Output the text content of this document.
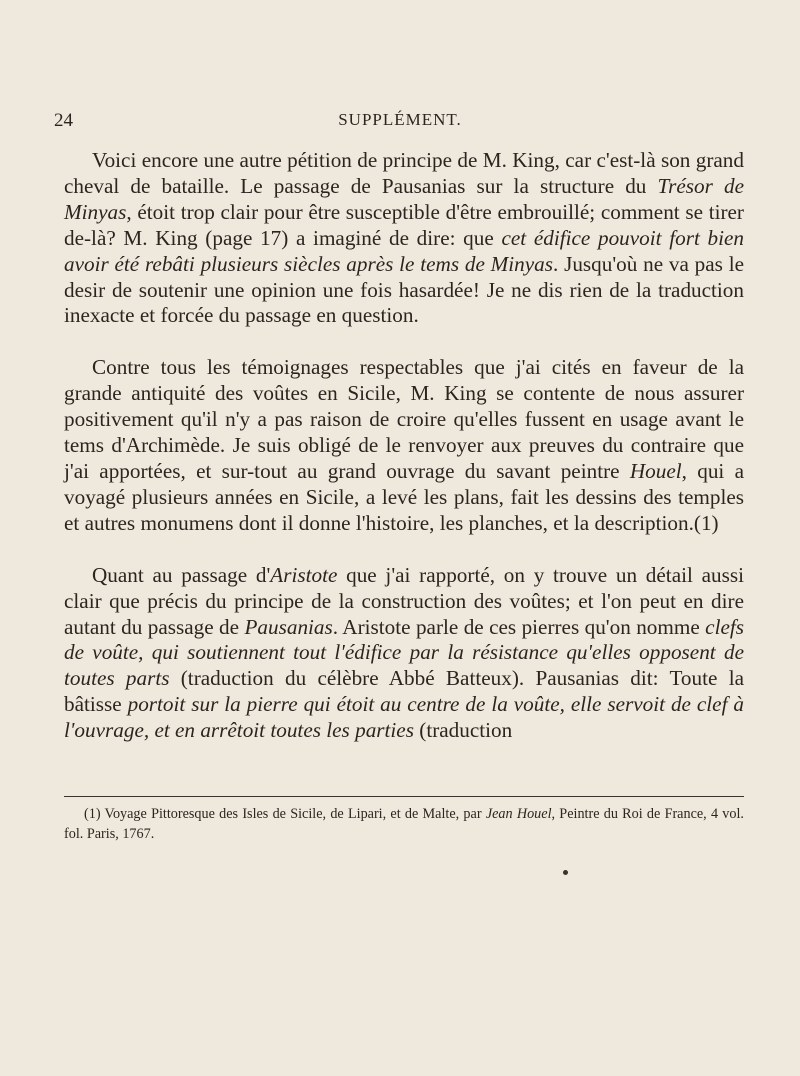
24	SUPPLÉMENT.

Voici encore une autre pétition de principe de M. King, car c'est-là son grand cheval de bataille. Le passage de Pausanias sur la structure du Trésor de Minyas, étoit trop clair pour être susceptible d'être embrouillé; comment se tirer de-là? M. King (page 17) a imaginé de dire: que cet édifice pouvoit fort bien avoir été rebâti plusieurs siècles après le tems de Minyas. Jusqu'où ne va pas le desir de soutenir une opinion une fois hasardée! Je ne dis rien de la traduction inexacte et forcée du passage en question.

Contre tous les témoignages respectables que j'ai cités en faveur de la grande antiquité des voûtes en Sicile, M. King se contente de nous assurer positivement qu'il n'y a pas raison de croire qu'elles fussent en usage avant le tems d'Archimède. Je suis obligé de le renvoyer aux preuves du contraire que j'ai apportées, et sur-tout au grand ouvrage du savant peintre Houel, qui a voyagé plusieurs années en Sicile, a levé les plans, fait les dessins des temples et autres monumens dont il donne l'histoire, les planches, et la description.(1)

Quant au passage d'Aristote que j'ai rapporté, on y trouve un détail aussi clair que précis du principe de la construction des voûtes; et l'on peut en dire autant du passage de Pausanias. Aristote parle de ces pierres qu'on nomme clefs de voûte, qui soutiennent tout l'édifice par la résistance qu'elles opposent de toutes parts (traduction du célèbre Abbé Batteux). Pausanias dit: Toute la bâtisse portoit sur la pierre qui étoit au centre de la voûte, elle servoit de clef à l'ouvrage, et en arrêtoit toutes les parties (traduction

(1) Voyage Pittoresque des Isles de Sicile, de Lipari, et de Malte, par Jean Houel, Peintre du Roi de France, 4 vol. fol. Paris, 1767.
